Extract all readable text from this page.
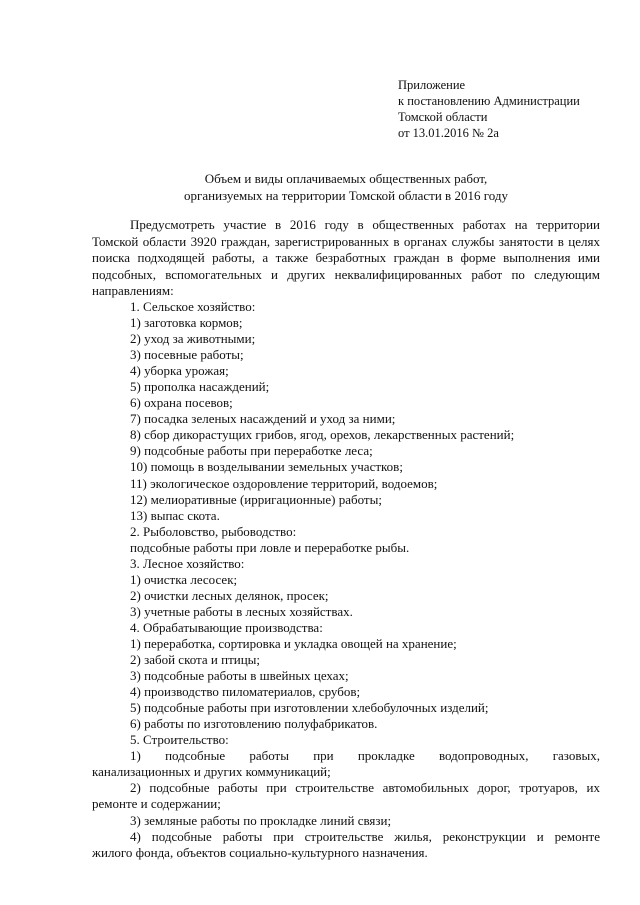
Приложение
к постановлению Администрации
Томской области
от 13.01.2016 № 2а
Объем и виды оплачиваемых общественных работ,
организуемых на территории Томской области в 2016 году
Предусмотреть участие в 2016 году в общественных работах на территории Томской области 3920 граждан, зарегистрированных в органах службы занятости в целях поиска подходящей работы, а также безработных граждан в форме выполнения ими подсобных, вспомогательных и других неквалифицированных работ по следующим направлениям:
1. Сельское хозяйство:
1) заготовка кормов;
2) уход за животными;
3) посевные работы;
4) уборка урожая;
5) прополка насаждений;
6) охрана посевов;
7) посадка зеленых насаждений и уход за ними;
8) сбор дикорастущих грибов, ягод, орехов, лекарственных растений;
9) подсобные работы при переработке леса;
10) помощь в возделывании земельных участков;
11) экологическое оздоровление территорий, водоемов;
12) мелиоративные (ирригационные) работы;
13) выпас скота.
2. Рыболовство, рыбоводство:
подсобные работы при ловле и переработке рыбы.
3. Лесное хозяйство:
1) очистка лесосек;
2) очистки лесных делянок, просек;
3) учетные работы в лесных хозяйствах.
4. Обрабатывающие производства:
1) переработка, сортировка и укладка овощей на хранение;
2) забой скота и птицы;
3) подсобные работы в швейных цехах;
4) производство пиломатериалов, срубов;
5) подсобные работы при изготовлении хлебобулочных изделий;
6) работы по изготовлению полуфабрикатов.
5. Строительство:
1) подсобные работы при прокладке водопроводных, газовых,
канализационных и других коммуникаций;
2) подсобные работы при строительстве автомобильных дорог, тротуаров, их
ремонте и содержании;
3) земляные работы по прокладке линий связи;
4) подсобные работы при строительстве жилья, реконструкции и ремонте
жилого фонда, объектов социально-культурного назначения.
